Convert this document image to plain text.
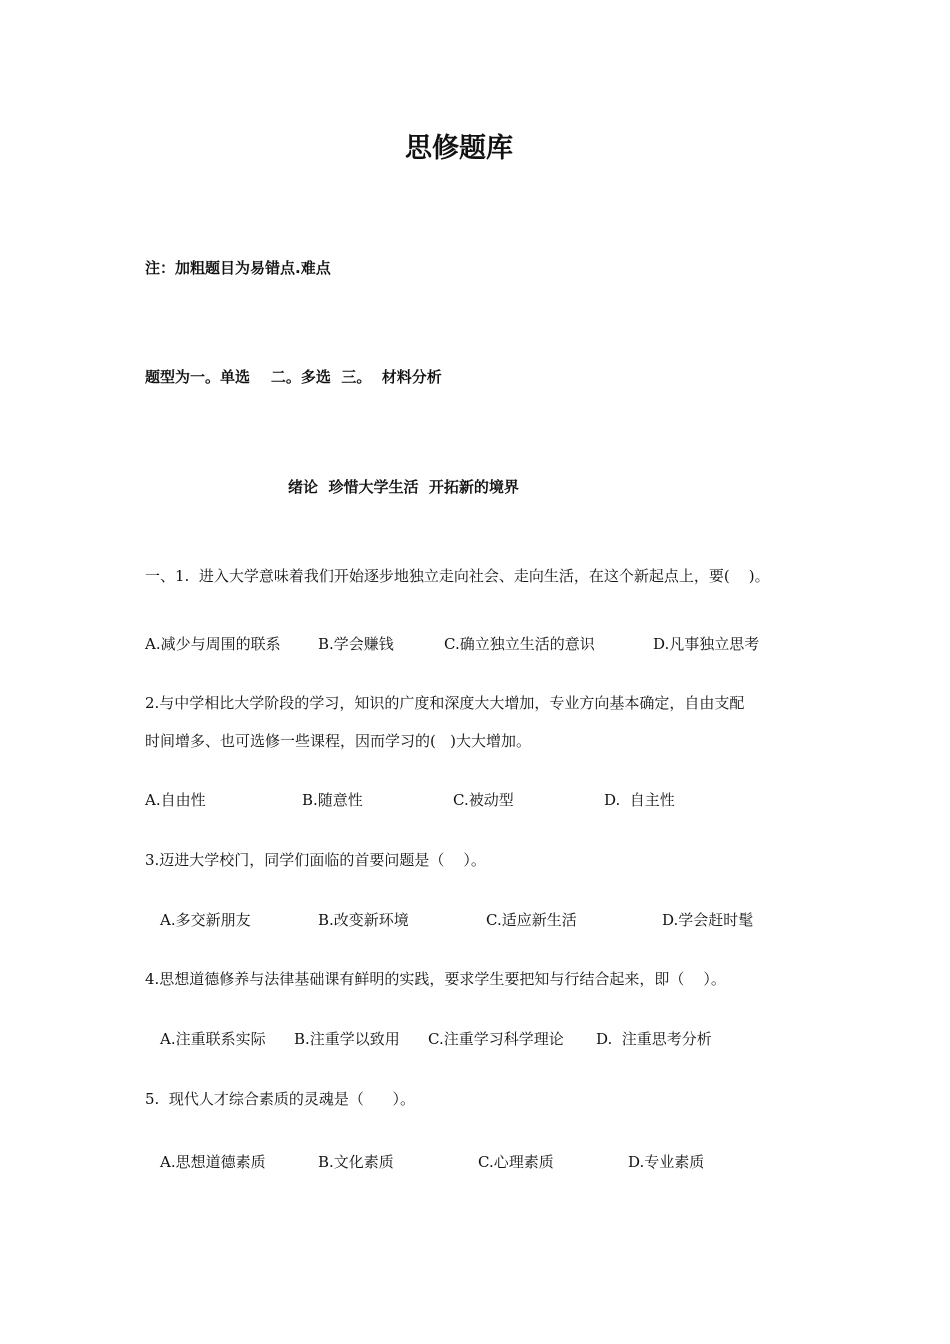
思修题库
注：加粗题目为易错点.难点
题型为一。单选    二。多选  三。  材料分析
绪论  珍惜大学生活  开拓新的境界
一、1.  进入大学意味着我们开始逐步地独立走向社会、走向生活，在这个新起点上，要(    )。
A.减少与周围的联系 B.学会赚钱	C.确立独立生活的意识	D.凡事独立思考
2.与中学相比大学阶段的学习，知识的广度和深度大大增加，专业方向基本确定，自由支配
时间增多、也可选修一些课程，因而学习的(   )大大增加。
A.自由性	B.随意性	C.被动型	D.  自主性
3.迈进大学校门，同学们面临的首要问题是（    ）。
A.多交新朋友	B.改变新环境	C.适应新生活	D.学会赶时髦
4.思想道德修养与法律基础课有鲜明的实践，要求学生要把知与行结合起来，即（    ）。
A.注重联系实际 B.注重学以致用 C.注重学习科学理论 D.  注重思考分析
5.  现代人才综合素质的灵魂是（      ）。
A.思想道德素质	B.文化素质	C.心理素质	D.专业素质
